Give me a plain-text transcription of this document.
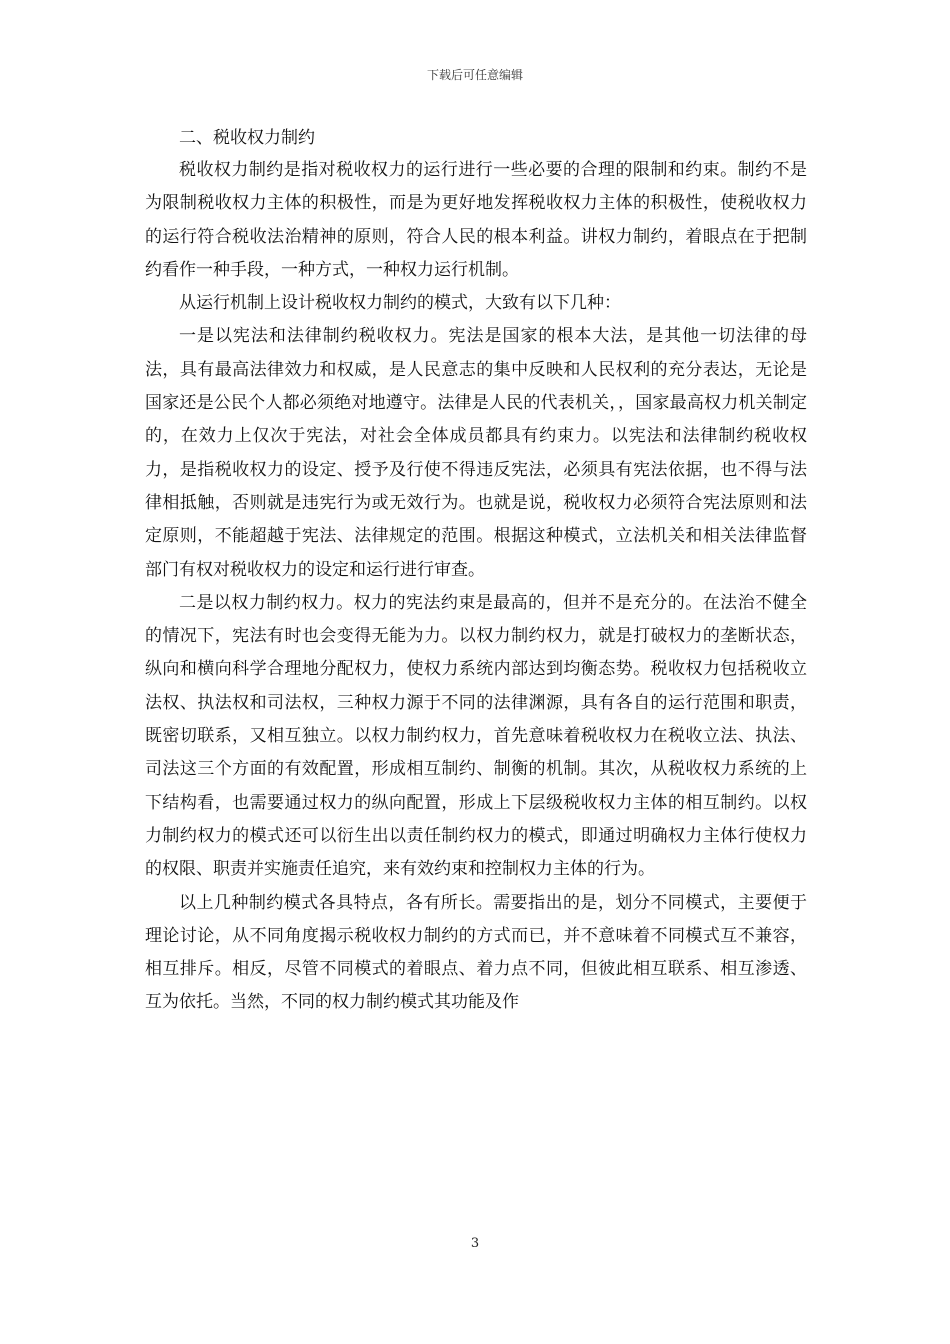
下载后可任意编辑

二、税收权力制约

税收权力制约是指对税收权力的运行进行一些必要的合理的限制和约束。制约不是为限制税收权力主体的积极性，而是为更好地发挥税收权力主体的积极性，使税收权力的运行符合税收法治精神的原则，符合人民的根本利益。讲权力制约，着眼点在于把制约看作一种手段，一种方式，一种权力运行机制。

从运行机制上设计税收权力制约的模式，大致有以下几种：

一是以宪法和法律制约税收权力。宪法是国家的根本大法，是其他一切法律的母法，具有最高法律效力和权威，是人民意志的集中反映和人民权利的充分表达，无论是国家还是公民个人都必须绝对地遵守。法律是人民的代表机关，，国家最高权力机关制定的，在效力上仅次于宪法，对社会全体成员都具有约束力。以宪法和法律制约税收权力，是指税收权力的设定、授予及行使不得违反宪法，必须具有宪法依据，也不得与法律相抵触，否则就是违宪行为或无效行为。也就是说，税收权力必须符合宪法原则和法定原则，不能超越于宪法、法律规定的范围。根据这种模式，立法机关和相关法律监督部门有权对税收权力的设定和运行进行审查。

二是以权力制约权力。权力的宪法约束是最高的，但并不是充分的。在法治不健全的情况下，宪法有时也会变得无能为力。以权力制约权力，就是打破权力的垄断状态，纵向和横向科学合理地分配权力，使权力系统内部达到均衡态势。税收权力包括税收立法权、执法权和司法权，三种权力源于不同的法律渊源，具有各自的运行范围和职责，既密切联系，又相互独立。以权力制约权力，首先意味着税收权力在税收立法、执法、司法这三个方面的有效配置，形成相互制约、制衡的机制。其次，从税收权力系统的上下结构看，也需要通过权力的纵向配置，形成上下层级税收权力主体的相互制约。以权力制约权力的模式还可以衍生出以责任制约权力的模式，即通过明确权力主体行使权力的权限、职责并实施责任追究，来有效约束和控制权力主体的行为。

以上几种制约模式各具特点，各有所长。需要指出的是，划分不同模式，主要便于理论讨论，从不同角度揭示税收权力制约的方式而已，并不意味着不同模式互不兼容，相互排斥。相反，尽管不同模式的着眼点、着力点不同，但彼此相互联系、相互渗透、互为依托。当然，不同的权力制约模式其功能及作

3
